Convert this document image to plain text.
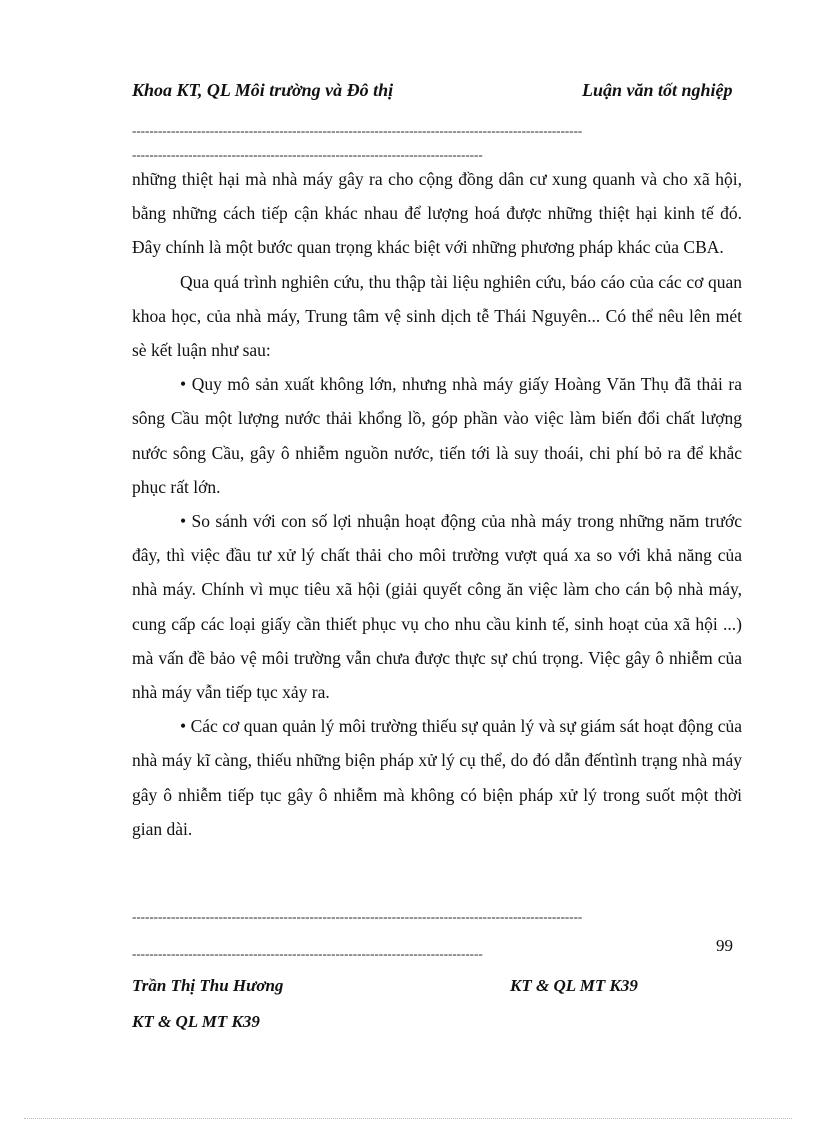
Khoa KT, QL Môi trường và Đô thị	Luận văn tốt nghiệp
--------------------------------------------------------------------------------------------------------
---------------------------------------------------------------------------------

những thiệt hại mà nhà máy gây ra cho cộng đồng dân cư xung quanh và cho xã hội, bằng những cách tiếp cận khác nhau để lượng hoá được những thiệt hại kinh tế đó. Đây chính là một bước quan trọng khác biệt với những phương pháp khác của CBA.

Qua quá trình nghiên cứu, thu thập tài liệu nghiên cứu, báo cáo của các cơ quan khoa học, của nhà máy, Trung tâm vệ sinh dịch tễ Thái Nguyên... Có thể nêu lên mét sè kết luận như sau:

• Quy mô sản xuất không lớn, nhưng nhà máy giấy Hoàng Văn Thụ đã thải ra sông Cầu một lượng nước thải khổng lồ, góp phần vào việc làm biến đổi chất lượng nước sông Cầu, gây ô nhiễm nguồn nước, tiến tới là suy thoái, chi phí bỏ ra để khắc phục rất lớn.

• So sánh với con số lợi nhuận hoạt động của nhà máy trong những năm trước đây, thì việc đầu tư xử lý chất thải cho môi trường vượt quá xa so với khả năng của nhà máy. Chính vì mục tiêu xã hội (giải quyết công ăn việc làm cho cán bộ nhà máy, cung cấp các loại giấy cần thiết phục vụ cho nhu cầu kinh tế, sinh hoạt của xã hội ...) mà vấn đề bảo vệ môi trường vẫn chưa được thực sự chú trọng. Việc gây ô nhiễm của nhà máy vẫn tiếp tục xảy ra.

• Các cơ quan quản lý môi trường thiếu sự quản lý và sự giám sát hoạt động của nhà máy kĩ càng, thiếu những biện pháp xử lý cụ thể, do đó dẫn đếntình trạng nhà máy gây ô nhiễm tiếp tục gây ô nhiễm mà không có biện pháp xử lý trong suốt một thời gian dài.

--------------------------------------------------------------------------------------------------------
---------------------------------------------------------------------------------	99
Trần Thị Thu Hương	KT & QL MT K39
KT & QL MT K39
